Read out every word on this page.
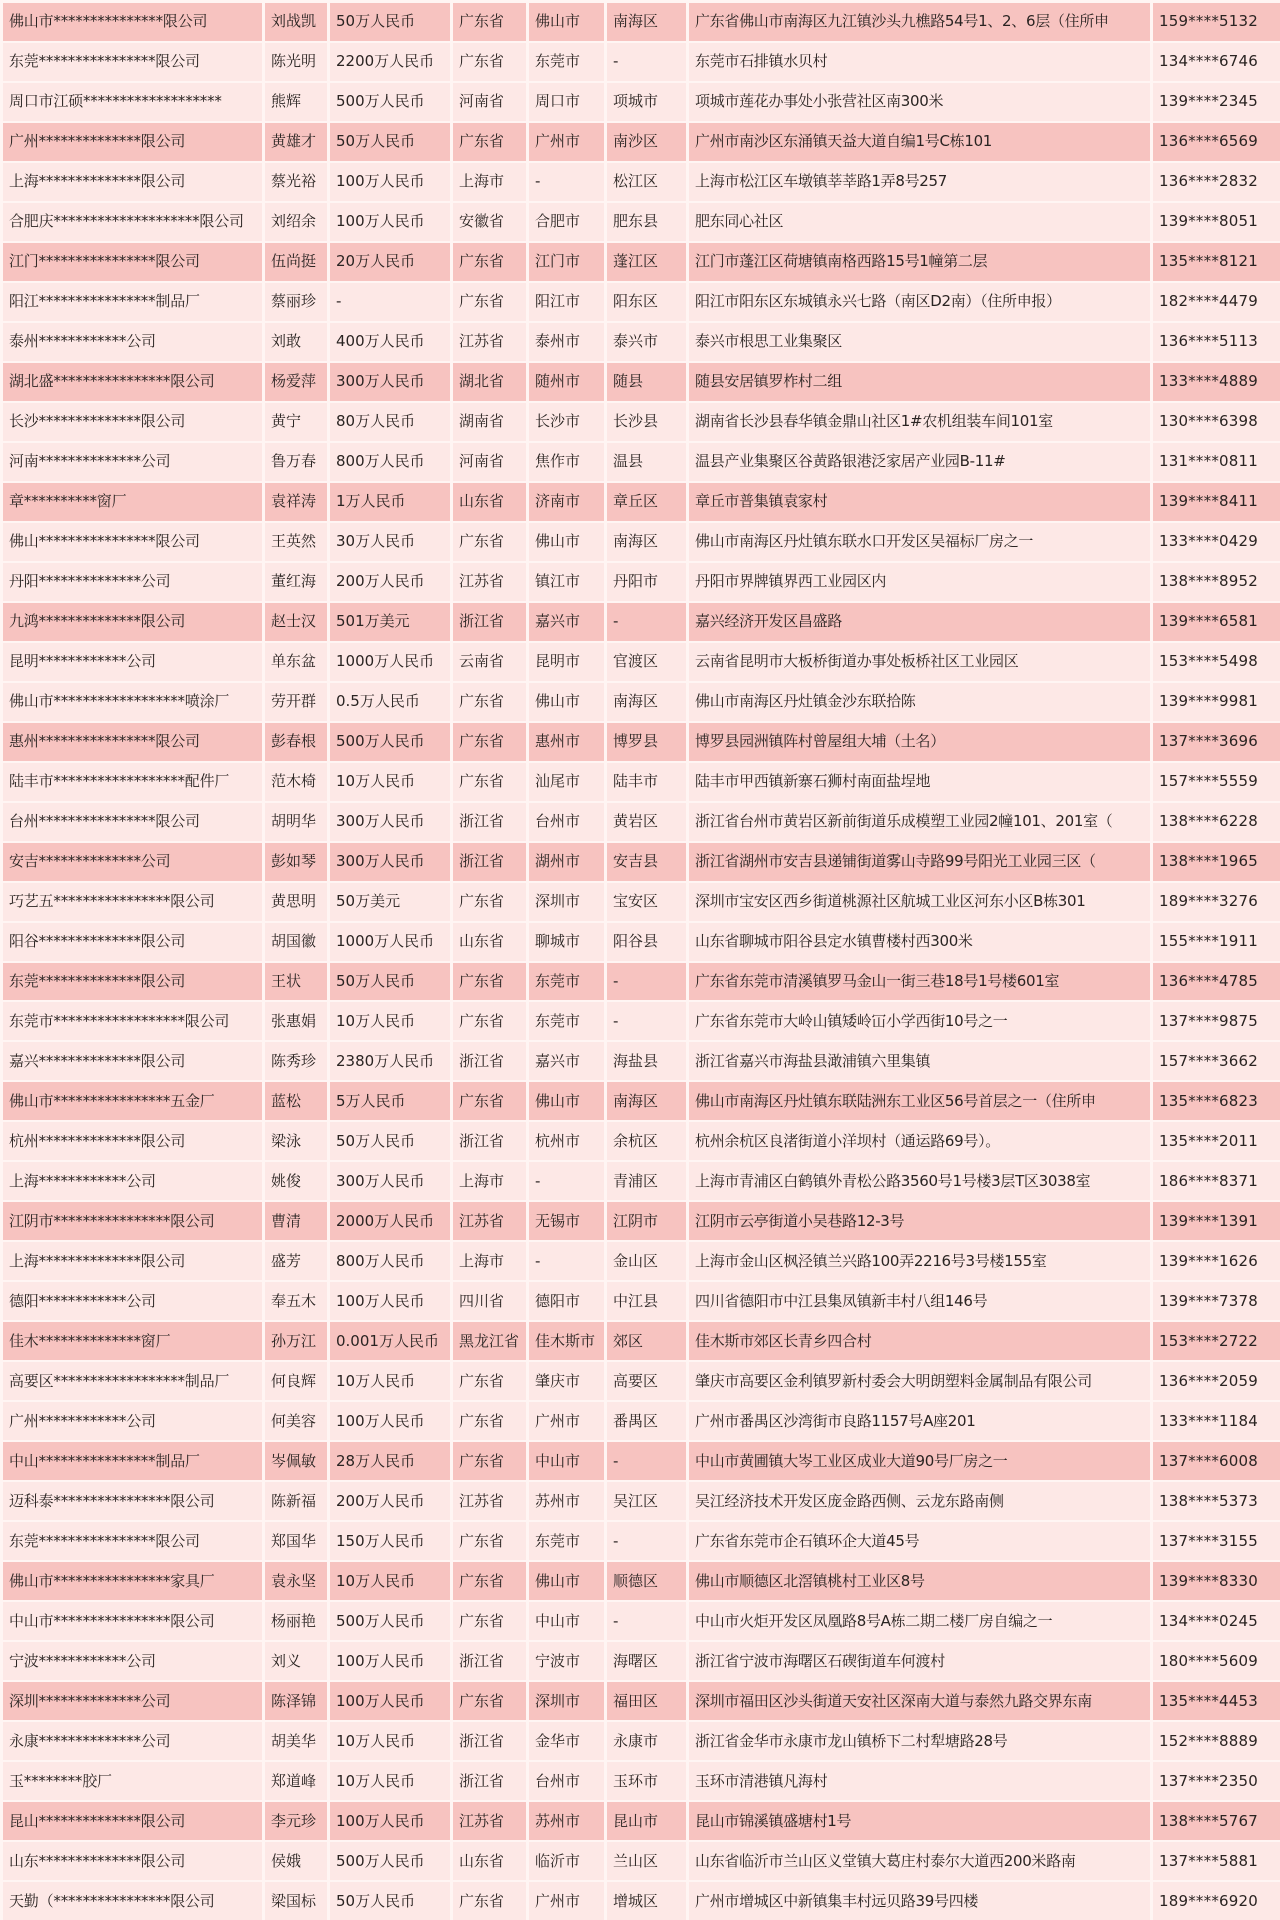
佛山市***************限公司	刘战凯	50万人民币	广东省	佛山市	南海区	广东省佛山市南海区九江镇沙头九樵路54号1、2、6层（住所申	159****5132
东莞****************限公司	陈光明	2200万人民币	广东省	东莞市	-	东莞市石排镇水贝村	134****6746
周口市江硕*******************	熊辉	500万人民币	河南省	周口市	项城市	项城市莲花办事处小张营社区南300米	139****2345
广州**************限公司	黄雄才	50万人民币	广东省	广州市	南沙区	广州市南沙区东涌镇天益大道自编1号C栋101	136****6569
上海**************限公司	蔡光裕	100万人民币	上海市	-	松江区	上海市松江区车墩镇莘莘路1弄8号257	136****2832
合肥庆********************限公司	刘绍余	100万人民币	安徽省	合肥市	肥东县	肥东同心社区	139****8051
江门****************限公司	伍尚挺	20万人民币	广东省	江门市	蓬江区	江门市蓬江区荷塘镇南格西路15号1幢第二层	135****8121
阳江****************制品厂	蔡丽珍	-	广东省	阳江市	阳东区	阳江市阳东区东城镇永兴七路（南区D2南）（住所申报）	182****4479
泰州************公司	刘敢	400万人民币	江苏省	泰州市	泰兴市	泰兴市根思工业集聚区	136****5113
湖北盛****************限公司	杨爱萍	300万人民币	湖北省	随州市	随县	随县安居镇罗柞村二组	133****4889
长沙**************限公司	黄宁	80万人民币	湖南省	长沙市	长沙县	湖南省长沙县春华镇金鼎山社区1#农机组装车间101室	130****6398
河南**************公司	鲁万春	800万人民币	河南省	焦作市	温县	温县产业集聚区谷黄路银港泛家居产业园B-11#	131****0811
章**********窗厂	袁祥涛	1万人民币	山东省	济南市	章丘区	章丘市普集镇袁家村	139****8411
佛山****************限公司	王英然	30万人民币	广东省	佛山市	南海区	佛山市南海区丹灶镇东联水口开发区吴福标厂房之一	133****0429
丹阳**************公司	董红海	200万人民币	江苏省	镇江市	丹阳市	丹阳市界牌镇界西工业园区内	138****8952
九鸿**************限公司	赵士汉	501万美元	浙江省	嘉兴市	-	嘉兴经济开发区昌盛路	139****6581
昆明************公司	单东盆	1000万人民币	云南省	昆明市	官渡区	云南省昆明市大板桥街道办事处板桥社区工业园区	153****5498
佛山市******************喷涂厂	劳开群	0.5万人民币	广东省	佛山市	南海区	佛山市南海区丹灶镇金沙东联拾陈	139****9981
惠州****************限公司	彭春根	500万人民币	广东省	惠州市	博罗县	博罗县园洲镇阵村曾屋组大埔（土名）	137****3696
陆丰市******************配件厂	范木椅	10万人民币	广东省	汕尾市	陆丰市	陆丰市甲西镇新寨石狮村南面盐埕地	157****5559
台州****************限公司	胡明华	300万人民币	浙江省	台州市	黄岩区	浙江省台州市黄岩区新前街道乐成模塑工业园2幢101、201室（	138****6228
安吉**************公司	彭如琴	300万人民币	浙江省	湖州市	安吉县	浙江省湖州市安吉县递铺街道雾山寺路99号阳光工业园三区（	138****1965
巧艺五****************限公司	黄思明	50万美元	广东省	深圳市	宝安区	深圳市宝安区西乡街道桃源社区航城工业区河东小区B栋301	189****3276
阳谷**************限公司	胡国徽	1000万人民币	山东省	聊城市	阳谷县	山东省聊城市阳谷县定水镇曹楼村西300米	155****1911
东莞**************限公司	王状	50万人民币	广东省	东莞市	-	广东省东莞市清溪镇罗马金山一街三巷18号1号楼601室	136****4785
东莞市******************限公司	张惠娟	10万人民币	广东省	东莞市	-	广东省东莞市大岭山镇矮岭冚小学西街10号之一	137****9875
嘉兴**************限公司	陈秀珍	2380万人民币	浙江省	嘉兴市	海盐县	浙江省嘉兴市海盐县澉浦镇六里集镇	157****3662
佛山市****************五金厂	蓝松	5万人民币	广东省	佛山市	南海区	佛山市南海区丹灶镇东联陆洲东工业区56号首层之一（住所申	135****6823
杭州**************限公司	梁泳	50万人民币	浙江省	杭州市	余杭区	杭州余杭区良渚街道小洋坝村（通运路69号）。	135****2011
上海************公司	姚俊	300万人民币	上海市	-	青浦区	上海市青浦区白鹤镇外青松公路3560号1号楼3层T区3038室	186****8371
江阴市****************限公司	曹清	2000万人民币	江苏省	无锡市	江阴市	江阴市云亭街道小吴巷路12-3号	139****1391
上海**************限公司	盛芳	800万人民币	上海市	-	金山区	上海市金山区枫泾镇兰兴路100弄2216号3号楼155室	139****1626
德阳************公司	奉五木	100万人民币	四川省	德阳市	中江县	四川省德阳市中江县集凤镇新丰村八组146号	139****7378
佳木**************窗厂	孙万江	0.001万人民币	黑龙江省	佳木斯市	郊区	佳木斯市郊区长青乡四合村	153****2722
高要区******************制品厂	何良辉	10万人民币	广东省	肇庆市	高要区	肇庆市高要区金利镇罗新村委会大明朗塑料金属制品有限公司	136****2059
广州************公司	何美容	100万人民币	广东省	广州市	番禺区	广州市番禺区沙湾街市良路1157号A座201	133****1184
中山****************制品厂	岑佩敏	28万人民币	广东省	中山市	-	中山市黄圃镇大岑工业区成业大道90号厂房之一	137****6008
迈科泰****************限公司	陈新福	200万人民币	江苏省	苏州市	吴江区	吴江经济技术开发区庞金路西侧、云龙东路南侧	138****5373
东莞****************限公司	郑国华	150万人民币	广东省	东莞市	-	广东省东莞市企石镇环企大道45号	137****3155
佛山市****************家具厂	袁永坚	10万人民币	广东省	佛山市	顺德区	佛山市顺德区北滘镇桃村工业区8号	139****8330
中山市****************限公司	杨丽艳	500万人民币	广东省	中山市	-	中山市火炬开发区凤凰路8号A栋二期二楼厂房自编之一	134****0245
宁波************公司	刘义	100万人民币	浙江省	宁波市	海曙区	浙江省宁波市海曙区石碶街道车何渡村	180****5609
深圳**************公司	陈泽锦	100万人民币	广东省	深圳市	福田区	深圳市福田区沙头街道天安社区深南大道与泰然九路交界东南	135****4453
永康**************公司	胡美华	10万人民币	浙江省	金华市	永康市	浙江省金华市永康市龙山镇桥下二村犁塘路28号	152****8889
玉********胶厂	郑道峰	10万人民币	浙江省	台州市	玉环市	玉环市清港镇凡海村	137****2350
昆山**************限公司	李元珍	100万人民币	江苏省	苏州市	昆山市	昆山市锦溪镇盛塘村1号	138****5767
山东**************限公司	侯娥	500万人民币	山东省	临沂市	兰山区	山东省临沂市兰山区义堂镇大葛庄村泰尔大道西200米路南	137****5881
天勤（****************限公司	梁国标	50万人民币	广东省	广州市	增城区	广州市增城区中新镇集丰村远贝路39号四楼	189****6920
